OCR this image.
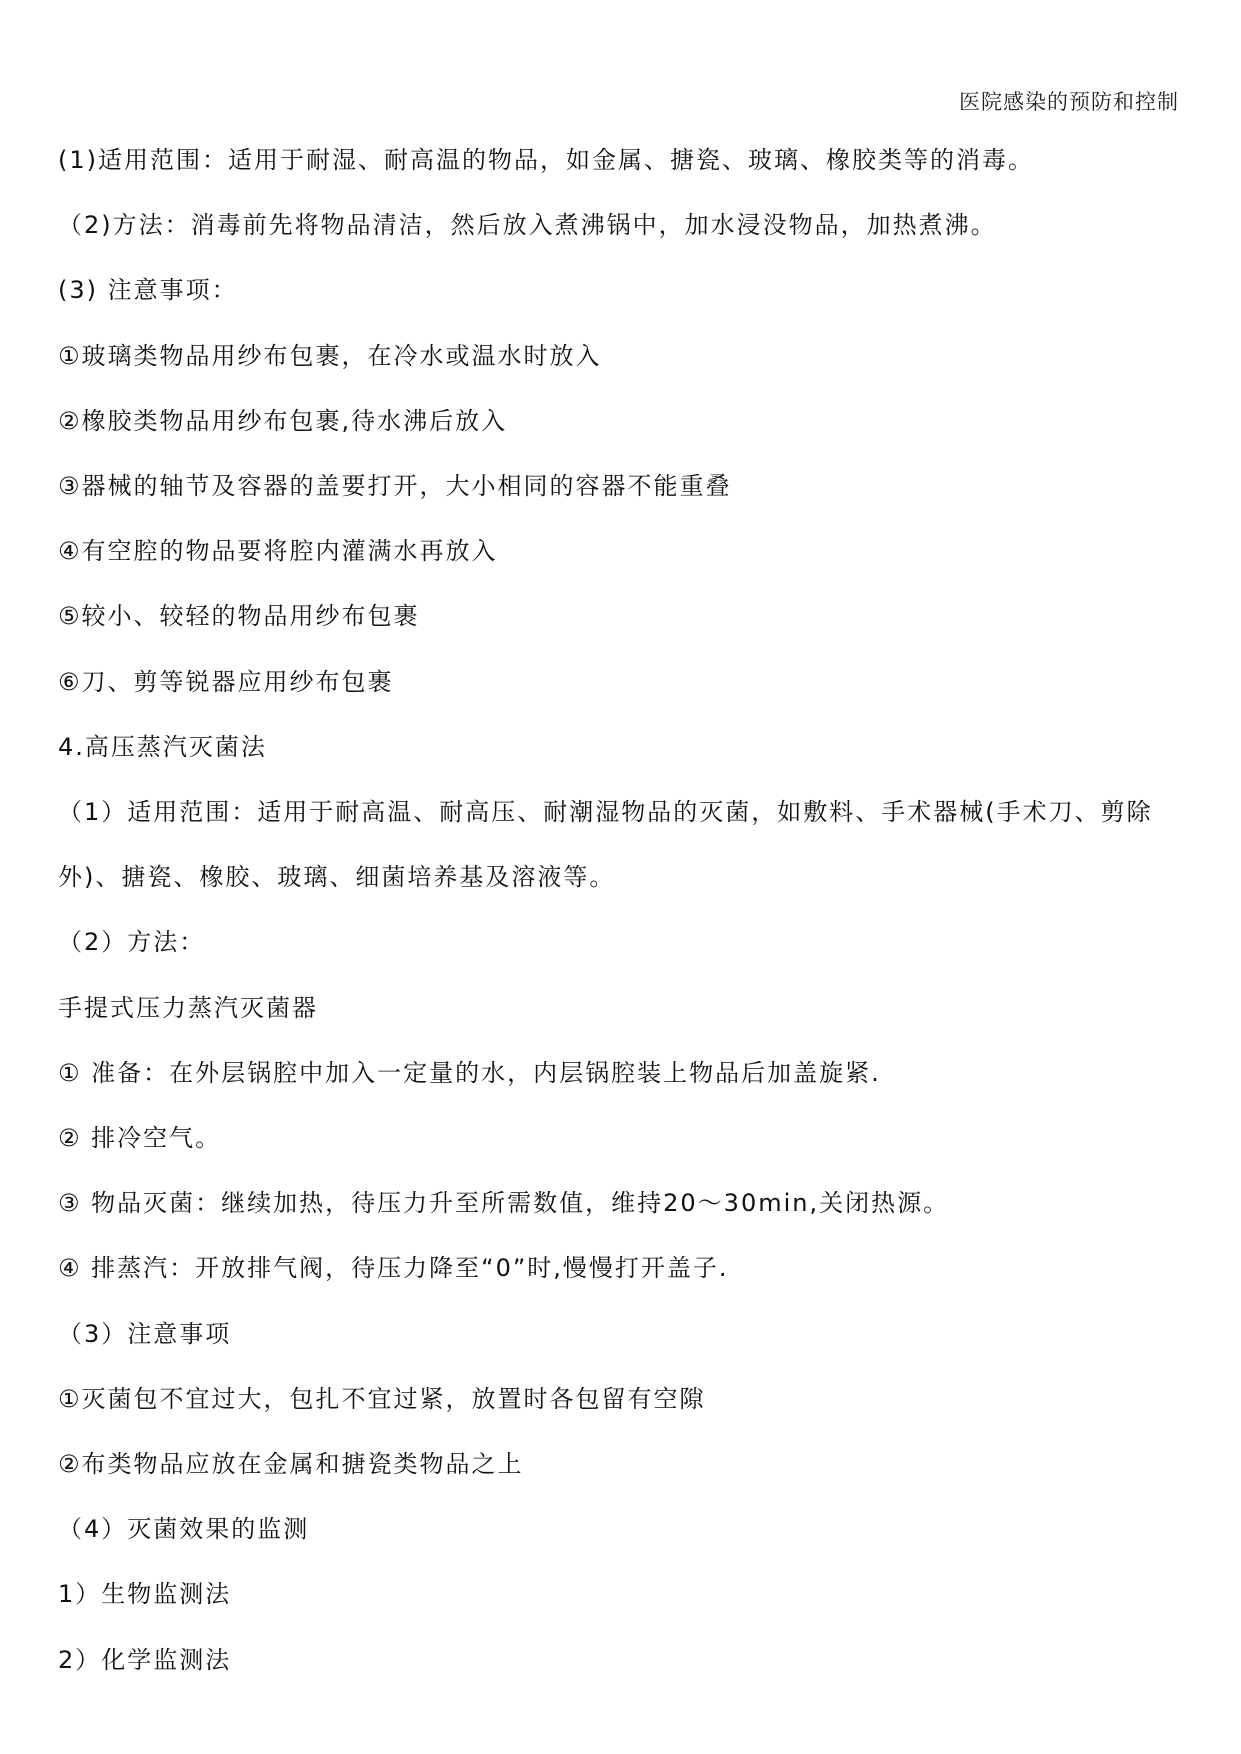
医院感染的预防和控制

(1)适用范围：适用于耐湿、耐高温的物品，如金属、搪瓷、玻璃、橡胶类等的消毒。

（2)方法：消毒前先将物品清洁，然后放入煮沸锅中，加水浸没物品，加热煮沸。

(3) 注意事项：

①玻璃类物品用纱布包裹，在冷水或温水时放入

②橡胶类物品用纱布包裹,待水沸后放入

③器械的轴节及容器的盖要打开，大小相同的容器不能重叠

④有空腔的物品要将腔内灌满水再放入

⑤较小、较轻的物品用纱布包裹

⑥刀、剪等锐器应用纱布包裹

4.高压蒸汽灭菌法

（1）适用范围：适用于耐高温、耐高压、耐潮湿物品的灭菌，如敷料、手术器械(手术刀、剪除外)、搪瓷、橡胶、玻璃、细菌培养基及溶液等。

（2）方法：

手提式压力蒸汽灭菌器

① 准备：在外层锅腔中加入一定量的水，内层锅腔装上物品后加盖旋紧.

② 排冷空气。

③ 物品灭菌：继续加热，待压力升至所需数值，维持20～30min,关闭热源。

④ 排蒸汽：开放排气阀，待压力降至“0”时,慢慢打开盖子.

（3）注意事项

①灭菌包不宜过大，包扎不宜过紧，放置时各包留有空隙

②布类物品应放在金属和搪瓷类物品之上

（4）灭菌效果的监测

1）生物监测法

2）化学监测法
